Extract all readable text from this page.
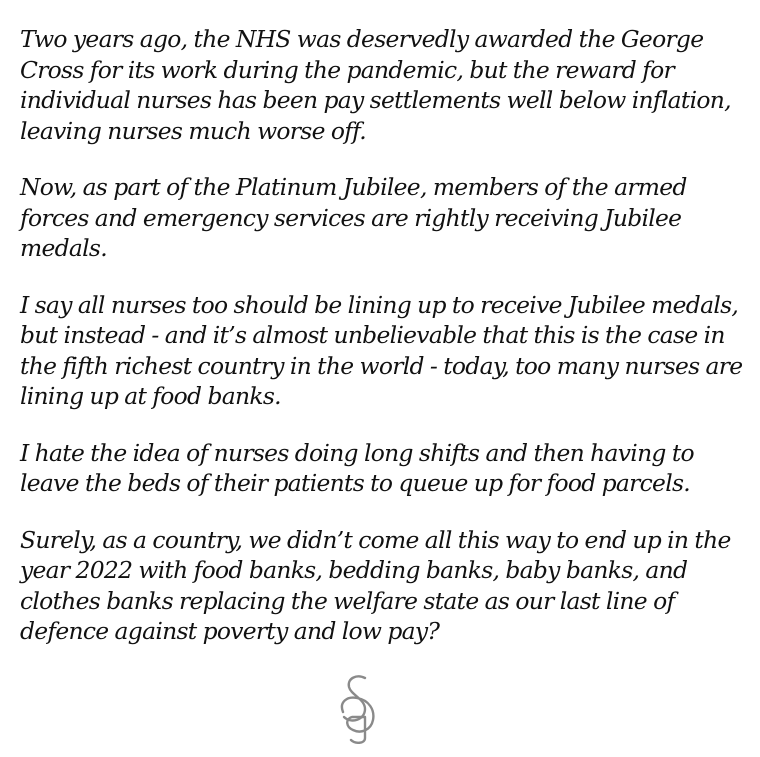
Two years ago, the NHS was deservedly awarded the George Cross for its work during the pandemic, but the reward for individual nurses has been pay settlements well below inflation, leaving nurses much worse off.

Now, as part of the Platinum Jubilee, members of the armed forces and emergency services are rightly receiving Jubilee medals.

I say all nurses too should be lining up to receive Jubilee medals, but instead - and it’s almost unbelievable that this is the case in the fifth richest country in the world - today, too many nurses are lining up at food banks.

I hate the idea of nurses doing long shifts and then having to leave the beds of their patients to queue up for food parcels.

Surely, as a country, we didn’t come all this way to end up in the year 2022 with food banks, bedding banks, baby banks, and clothes banks replacing the welfare state as our last line of defence against poverty and low pay?
